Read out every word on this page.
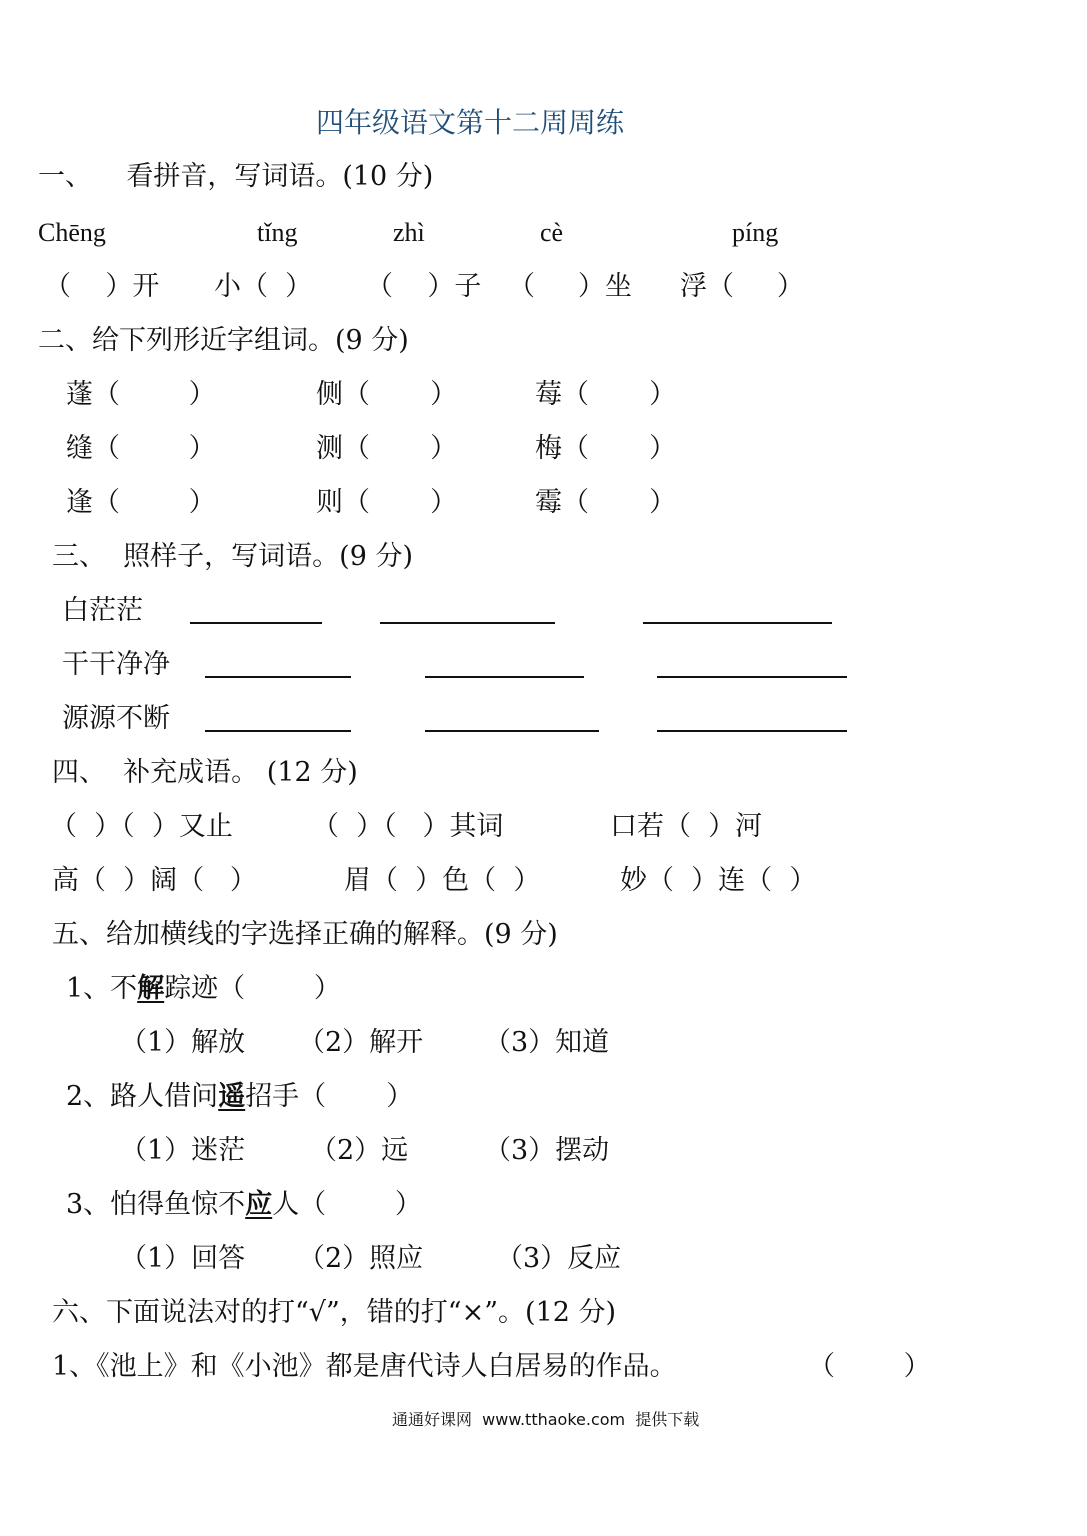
四年级语文第十二周周练
一、    看拼音，写词语。(10 分)
Chēng	tǐng	zhì	cè	píng
（    ）开 小（  ） （    ）子 （     ）坐 浮（     ）
二、给下列形近字组词。(9 分)
蓬（        ）	侧（       ）	莓（       ）
缝（        ）	测（       ）	梅（       ）
逢（        ）	则（       ）	霉（       ）
三、  照样子，写词语。(9 分)
白茫茫
干干净净
源源不断
四、  补充成语。 (12 分)
（  ）（  ）又止	（  ）（   ）其词	口若（  ）河
高（  ）阔（   ）	眉（  ）色（  ）	妙（  ）连（  ）
五、给加横线的字选择正确的解释。(9 分)
1、不解踪迹（        ）
（1）解放 （2）解开 （3）知道
2、路人借问遥招手（       ）
（1）迷茫 （2）远	（3）摆动
3、怕得鱼惊不应人（        ）
（1）回答 （2）照应	（3）反应
六、下面说法对的打“√”，错的打“×”。(12 分)
1、《池上》和《小池》都是唐代诗人白居易的作品。	（        ）
通通好课网  www.tthaoke.com  提供下载
